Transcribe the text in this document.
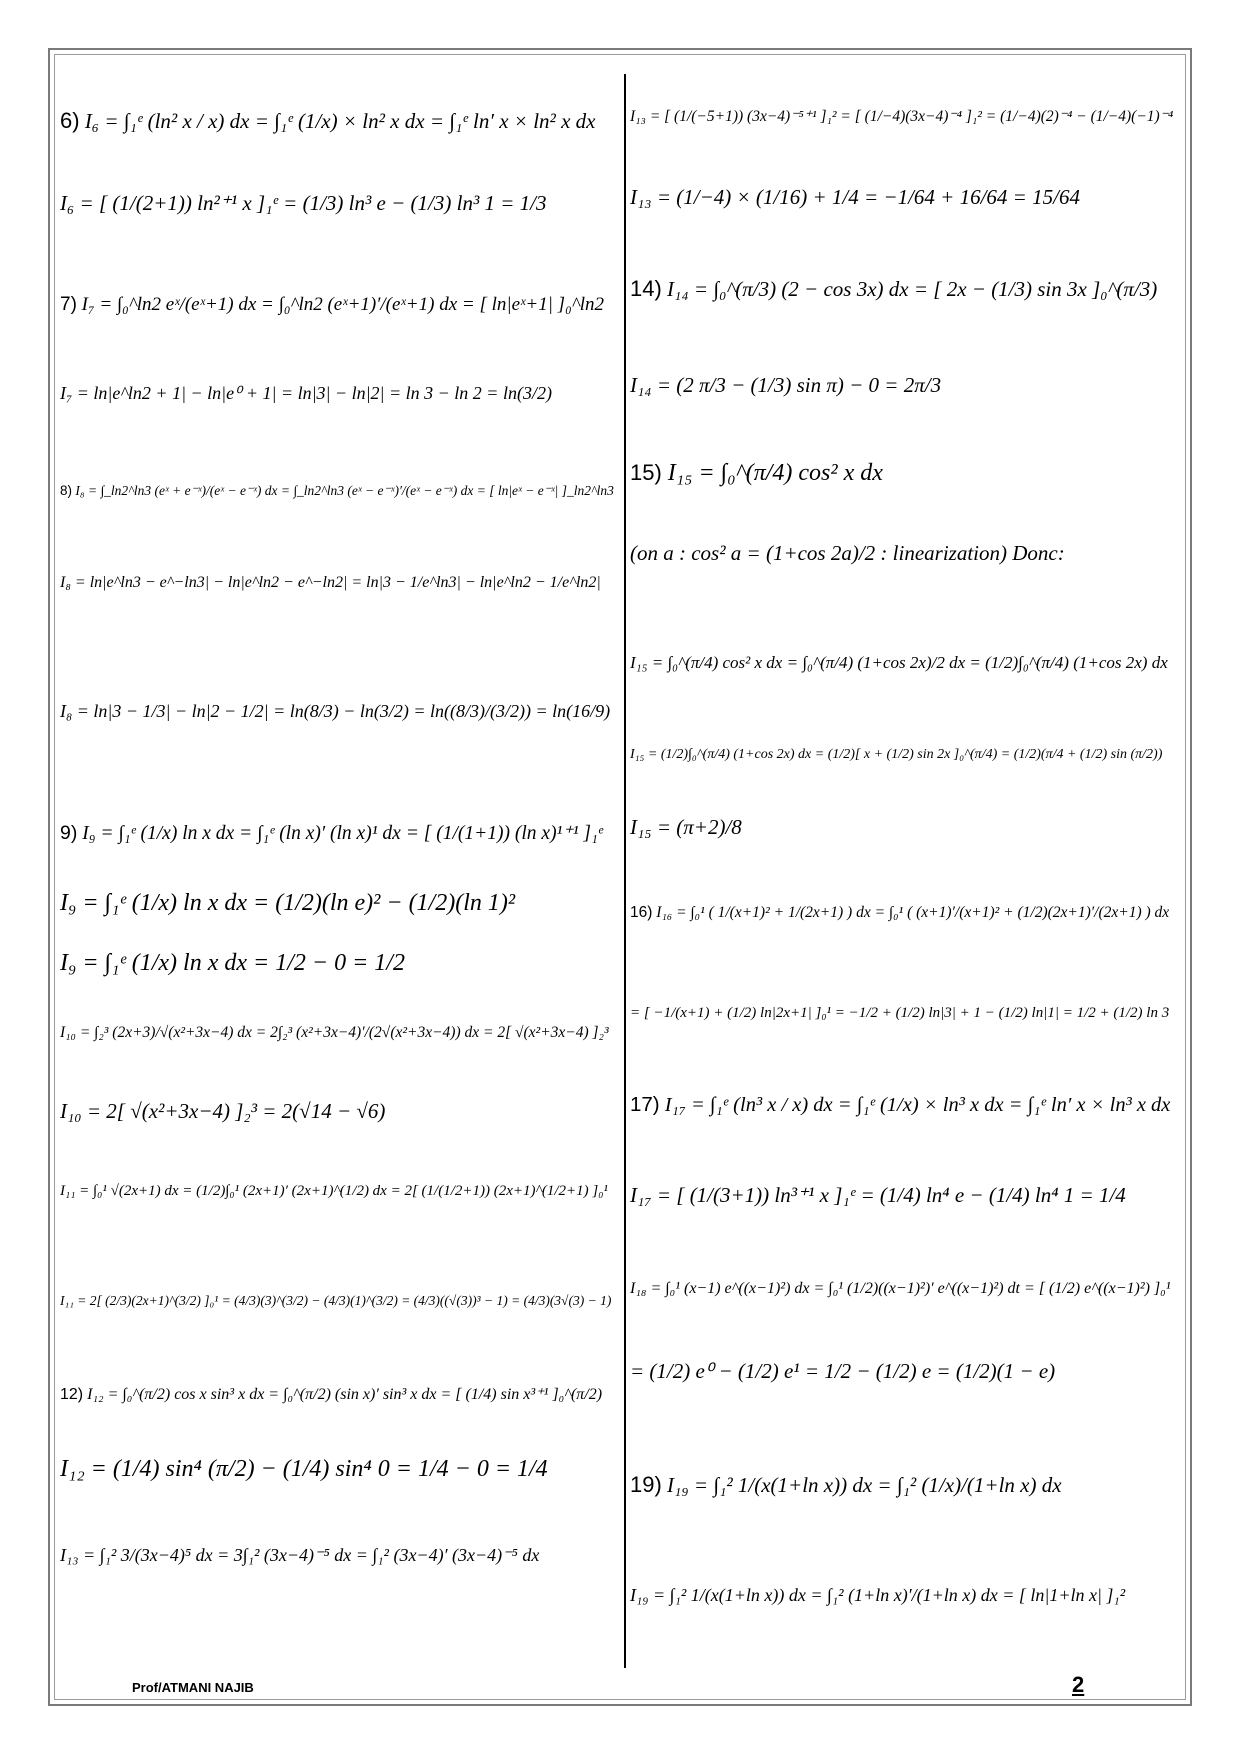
6) I₆ = ∫₁ᵉ (ln² x / x) dx = ∫₁ᵉ (1/x) × ln² x dx = ∫₁ᵉ ln′ x × ln² x dx
I₆ = [ (1/(2+1)) ln²⁺¹ x ]₁ᵉ = (1/3) ln³ e − (1/3) ln³ 1 = 1/3
7) I₇ = ∫₀^ln2 eˣ/(eˣ+1) dx = ∫₀^ln2 (eˣ+1)′/(eˣ+1) dx = [ ln|eˣ+1| ]₀^ln2
I₇ = ln|e^ln2 + 1| − ln|e⁰ + 1| = ln|3| − ln|2| = ln 3 − ln 2 = ln(3/2)
8) I₈ = ∫_ln2^ln3 (eˣ + e⁻ˣ)/(eˣ − e⁻ˣ) dx = ∫_ln2^ln3 (eˣ − e⁻ˣ)′/(eˣ − e⁻ˣ) dx = [ ln|eˣ − e⁻ˣ| ]_ln2^ln3
I₈ = ln|e^ln3 − e^−ln3| − ln|e^ln2 − e^−ln2| = ln|3 − 1/e^ln3| − ln|e^ln2 − 1/e^ln2|
I₈ = ln|3 − 1/3| − ln|2 − 1/2| = ln(8/3) − ln(3/2) = ln((8/3)/(3/2)) = ln(16/9)
9) I₉ = ∫₁ᵉ (1/x) ln x dx = ∫₁ᵉ (ln x)′ (ln x)¹ dx = [ (1/(1+1)) (ln x)¹⁺¹ ]₁ᵉ
I₉ = ∫₁ᵉ (1/x) ln x dx = (1/2)(ln e)² − (1/2)(ln 1)²
I₉ = ∫₁ᵉ (1/x) ln x dx = 1/2 − 0 = 1/2
I₁₀ = ∫₂³ (2x+3)/√(x²+3x−4) dx = 2∫₂³ (x²+3x−4)′/(2√(x²+3x−4)) dx = 2[ √(x²+3x−4) ]₂³
I₁₀ = 2[ √(x²+3x−4) ]₂³ = 2(√14 − √6)
I₁₁ = ∫₀¹ √(2x+1) dx = (1/2)∫₀¹ (2x+1)′ (2x+1)^(1/2) dx = 2[ (1/(1/2+1)) (2x+1)^(1/2+1) ]₀¹
I₁₁ = 2[ (2/3)(2x+1)^(3/2) ]₀¹ = (4/3)(3)^(3/2) − (4/3)(1)^(3/2) = (4/3)((√(3))³ − 1) = (4/3)(3√(3) − 1)
12) I₁₂ = ∫₀^(π/2) cos x sin³ x dx = ∫₀^(π/2) (sin x)′ sin³ x dx = [ (1/4) sin x³⁺¹ ]₀^(π/2)
I₁₂ = (1/4) sin⁴ (π/2) − (1/4) sin⁴ 0 = 1/4 − 0 = 1/4
I₁₃ = ∫₁² 3/(3x−4)⁵ dx = 3∫₁² (3x−4)⁻⁵ dx = ∫₁² (3x−4)′ (3x−4)⁻⁵ dx
I₁₃ = [ (1/(−5+1)) (3x−4)⁻⁵⁺¹ ]₁² = [ (1/−4)(3x−4)⁻⁴ ]₁² = (1/−4)(2)⁻⁴ − (1/−4)(−1)⁻⁴
I₁₃ = (1/−4) × (1/16) + 1/4 = −1/64 + 16/64 = 15/64
14) I₁₄ = ∫₀^(π/3) (2 − cos 3x) dx = [ 2x − (1/3) sin 3x ]₀^(π/3)
I₁₄ = (2 π/3 − (1/3) sin π) − 0 = 2π/3
15) I₁₅ = ∫₀^(π/4) cos² x dx
(on a : cos² a = (1+cos 2a)/2 : linearization) Donc:
I₁₅ = ∫₀^(π/4) cos² x dx = ∫₀^(π/4) (1+cos 2x)/2 dx = (1/2)∫₀^(π/4) (1+cos 2x) dx
I₁₅ = (1/2)∫₀^(π/4) (1+cos 2x) dx = (1/2)[ x + (1/2) sin 2x ]₀^(π/4) = (1/2)(π/4 + (1/2) sin (π/2))
I₁₅ = (π+2)/8
16) I₁₆ = ∫₀¹ ( 1/(x+1)² + 1/(2x+1) ) dx = ∫₀¹ ( (x+1)′/(x+1)² + (1/2)(2x+1)′/(2x+1) ) dx
= [ −1/(x+1) + (1/2) ln|2x+1| ]₀¹ = −1/2 + (1/2) ln|3| + 1 − (1/2) ln|1| = 1/2 + (1/2) ln 3
17) I₁₇ = ∫₁ᵉ (ln³ x / x) dx = ∫₁ᵉ (1/x) × ln³ x dx = ∫₁ᵉ ln′ x × ln³ x dx
I₁₇ = [ (1/(3+1)) ln³⁺¹ x ]₁ᵉ = (1/4) ln⁴ e − (1/4) ln⁴ 1 = 1/4
I₁₈ = ∫₀¹ (x−1) e^((x−1)²) dx = ∫₀¹ (1/2)((x−1)²)′ e^((x−1)²) dt = [ (1/2) e^((x−1)²) ]₀¹
= (1/2) e⁰ − (1/2) e¹ = 1/2 − (1/2) e = (1/2)(1 − e)
19) I₁₉ = ∫₁² 1/(x(1+ln x)) dx = ∫₁² (1/x)/(1+ln x) dx
I₁₉ = ∫₁² 1/(x(1+ln x)) dx = ∫₁² (1+ln x)′/(1+ln x) dx = [ ln|1+ln x| ]₁²
Prof/ATMANI NAJIB	2
